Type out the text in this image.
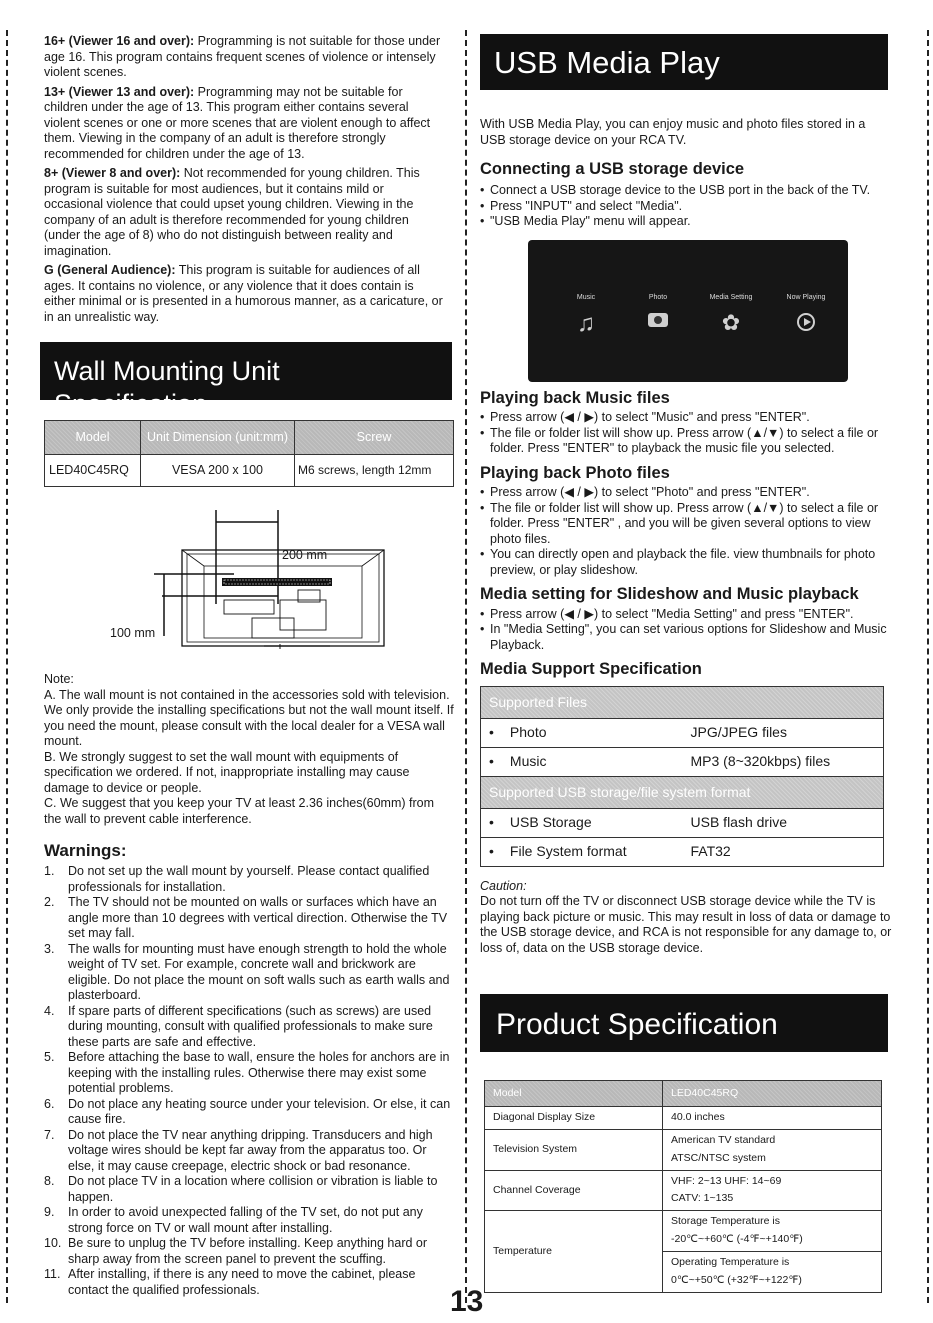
16+ (Viewer 16 and over): Programming is not suitable for those under age 16. This program contains frequent scenes of violence or intensely violent scenes.

13+ (Viewer 13 and over): Programming may not be suitable for children under the age of 13. This program either contains several violent scenes or one or more scenes that are violent enough to affect them. Viewing in the company of an adult is therefore strongly recommended for children under the age of 13.

8+ (Viewer 8 and over): Not recommended for young children. This program is suitable for most audiences, but it contains mild or occasional violence that could upset young children. Viewing in the company of an adult is therefore recommended for young children (under the age of 8) who do not distinguish between reality and imagination.

G (General Audience): This program is suitable for audiences of all ages. It contains no violence, or any violence that it does contain is either minimal or is presented in a humorous manner, as a caricature, or in an unrealistic way.

Wall Mounting Unit Specification
Model	Unit Dimension (unit:mm)	Screw
LED40C45RQ	VESA 200 x 100	M6 screws, length 12mm
200 mm
100 mm

Note:

A. The wall mount is not contained in the accessories sold with television. We only provide the installing specifications but not the wall mount itself. If you need the mount, please consult with the local dealer for a VESA wall mount.

B. We strongly suggest to set the wall mount with equipments of specification we ordered. If not, inappropriate installing may cause damage to device or people.

C. We suggest that you keep your TV at least 2.36 inches(60mm) from the wall to prevent cable interference.

Warnings:
1. Do not set up the wall mount by yourself. Please contact qualified professionals for installation.
2. The TV should not be mounted on walls or surfaces which have an angle more than 10 degrees with vertical direction. Otherwise the TV set may fall.
3. The walls for mounting must have enough strength to hold the whole weight of TV set. For example, concrete wall and brickwork are eligible. Do not place the mount on soft walls such as earth walls and plasterboard.
4. If spare parts of different specifications (such as screws) are used during mounting, consult with qualified professionals to make sure these parts are safe and effective.
5. Before attaching the base to wall, ensure the holes for anchors are in keeping with the installing rules. Otherwise there may exist some potential problems.
6. Do not place any heating source under your television. Or else, it can cause fire.
7. Do not place the TV near anything dripping. Transducers and high voltage wires should be kept far away from the apparatus too. Or else, it may cause creepage, electric shock or bad resonance.
8. Do not place TV in a location where collision or vibration is liable to happen.
9. In order to avoid unexpected falling of the TV set, do not put any strong force on TV or wall mount after installing.
10. Be sure to unplug the TV before installing. Keep anything hard or sharp away from the screen panel to prevent the scuffing.
11. After installing, if there is any need to move the cabinet, please contact the qualified professionals.
USB Media Play

With USB Media Play, you can enjoy music and photo files stored in a USB storage device on your RCA TV.

Connecting a USB storage device
• Connect a USB storage device to the USB port in the back of the TV.
• Press "INPUT" and select "Media".
• "USB Media Play" menu will appear.
Music
♫
Photo	Media Setting
✿
Now Playing
Playing back Music files
• Press arrow (◀ / ▶) to select "Music" and press "ENTER".
• The file or folder list will show up. Press arrow (▲/▼) to select a file or folder. Press "ENTER" to playback the music file you selected.
Playing back Photo files
• Press arrow (◀ / ▶) to select "Photo" and press "ENTER".
• The file or folder list will show up. Press arrow (▲/▼) to select a file or folder. Press "ENTER" , and you will be given several options to view photo files.
• You can directly open and playback the file. view thumbnails for photo preview, or play slideshow.
Media setting for Slideshow and Music playback
• Press arrow (◀ / ▶) to select "Media Setting" and press "ENTER".
• In "Media Setting", you can set various options for Slideshow and Music Playback.
Media Support Specification
Supported Files	
• Photo	JPG/JPEG files
• Music	MP3 (8~320kbps) files
Supported USB storage/file system format	
• USB Storage	USB flash drive
• File System format	FAT32

Caution:

Do not turn off the TV or disconnect USB storage device while the TV is playing back picture or music. This may result in loss of data or damage to the USB storage device, and RCA is not responsible for any damage to, or loss of, data on the USB storage device.

Product Specification
Model	LED40C45RQ
Diagonal Display Size	40.0 inches

Television System	American TV standard
ATSC/NTSC system

Channel Coverage	VHF: 2~13 UHF: 14~69
CATV: 1~135

Temperature	Storage Temperature is
-20℃~+60℃ (-4℉~+140℉)

	Operating Temperature is
0℃~+50℃ (+32℉~+122℉)
13
